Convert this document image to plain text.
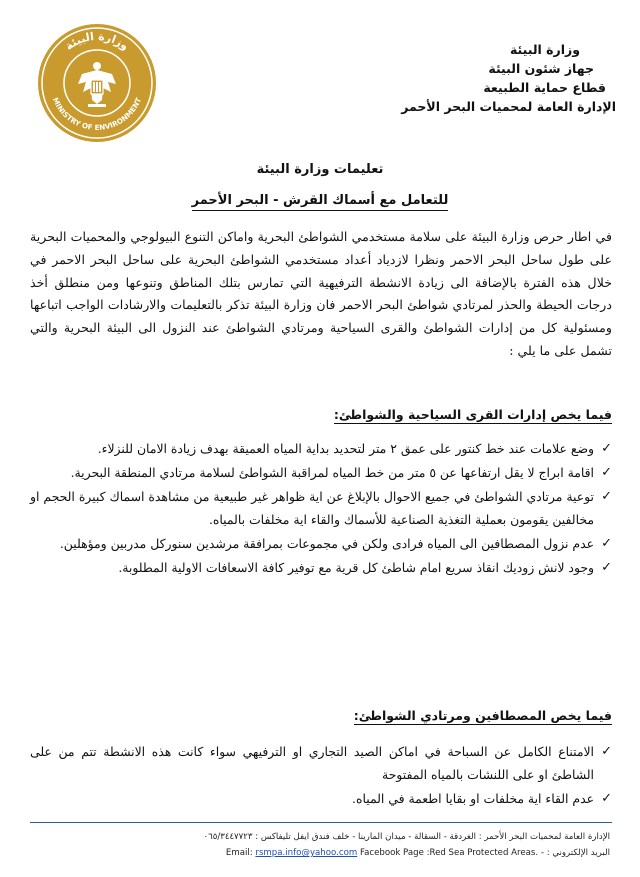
وزارة البيئة
MINISTRY OF ENVIRONMENT
وزارة البيئة
جهاز شئون البيئة
قطاع حماية الطبيعة
الإدارة العامة لمحميات البحر الأحمر
تعليمات وزارة البيئة
للتعامل مع أسماك القرش - البحر الأحمر
في اطار حرص وزارة البيئة على سلامة مستخدمي الشواطئ البحرية واماكن التنوع البيولوجي والمحميات البحرية على طول ساحل البحر الاحمر ونظرا لازدياد أعداد مستخدمي الشواطئ البحرية على ساحل البحر الاحمر في خلال هذه الفترة بالإضافة الى زيادة الانشطة الترفيهية التي تمارس بتلك المناطق وتنوعها ومن منطلق أخذ درجات الحيطة والحذر لمرتادي شواطئ البحر الاحمر فان وزارة البيئة تذكر بالتعليمات والارشادات الواجب اتباعها ومسئولية كل من إدارات الشواطئ والقرى السياحية ومرتادي الشواطئ عند النزول الى البيئة البحرية والتي تشمل على ما يلي :
فيما يخص إدارات القرى السياحية والشواطئ:
✓
وضع علامات عند خط كنتور على عمق ٢ متر لتحديد بداية المياه العميقة بهدف زيادة الامان للنزلاء.
✓
اقامة ابراج لا يقل ارتفاعها عن ٥ متر من خط المياه لمراقبة الشواطئ لسلامة مرتادي المنطقة البحرية.
✓
توعية مرتادي الشواطئ في جميع الاحوال بالإبلاغ عن اية ظواهر غير طبيعية من مشاهدة اسماك كبيرة الحجم او مخالفين يقومون بعملية التغذية الصناعية للأسماك والقاء اية مخلفات بالمياه.
✓
عدم نزول المصطافين الى المياه فرادى ولكن في مجموعات بمرافقة مرشدين سنوركل مدربين ومؤهلين.
✓
وجود لانش زوديك انقاذ سريع امام شاطئ كل قرية مع توفير كافة الاسعافات الاولية المطلوبة.
فيما يخص المصطافين ومرتادي الشواطئ:
✓
الامتناع الكامل عن السباحة في اماكن الصيد التجاري او الترفيهي سواء كانت هذه الانشطة تتم من على الشاطئ او على اللنشات بالمياه المفتوحة
✓
عدم القاء اية مخلفات او بقايا اطعمة في المياه.
الإدارة العامة لمحميات البحر الأحمر : الغردقة - السقالة - ميدان المارينا - خلف فندق ايفل تليفاكس : ٠٦٥/٣٤٤٧٧٢٣
البريد الإلكتروني : Email: rsmpa.info@yahoo.com Facebook Page :Red Sea Protected Areas. -
